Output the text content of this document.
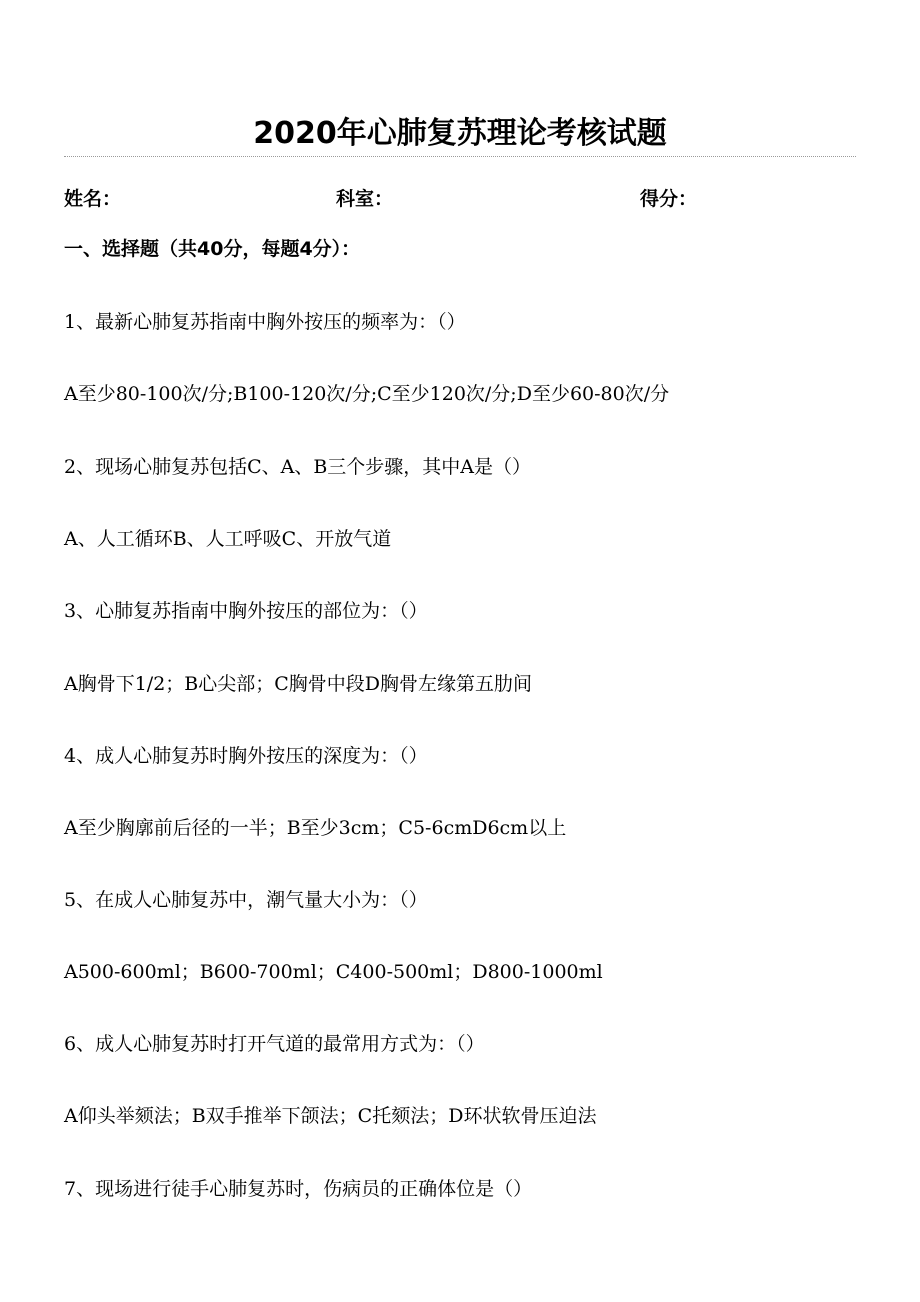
2020年心肺复苏理论考核试题
姓名：	科室：	得分：
一、选择题（共40分，每题4分）：
1、最新心肺复苏指南中胸外按压的频率为：（）
A至少80-100次/分;B100-120次/分;C至少120次/分;D至少60-80次/分
2、现场心肺复苏包括C、A、B三个步骤，其中A是（）
A、人工循环B、人工呼吸C、开放气道
3、心肺复苏指南中胸外按压的部位为：（）
A胸骨下1/2；B心尖部；C胸骨中段D胸骨左缘第五肋间
4、成人心肺复苏时胸外按压的深度为：（）
A至少胸廓前后径的一半；B至少3cm；C5-6cmD6cm以上
5、在成人心肺复苏中，潮气量大小为：（）
A500-600ml；B600-700ml；C400-500ml；D800-1000ml
6、成人心肺复苏时打开气道的最常用方式为：（）
A仰头举颏法；B双手推举下颌法；C托颏法；D环状软骨压迫法
7、现场进行徒手心肺复苏时，伤病员的正确体位是（）
